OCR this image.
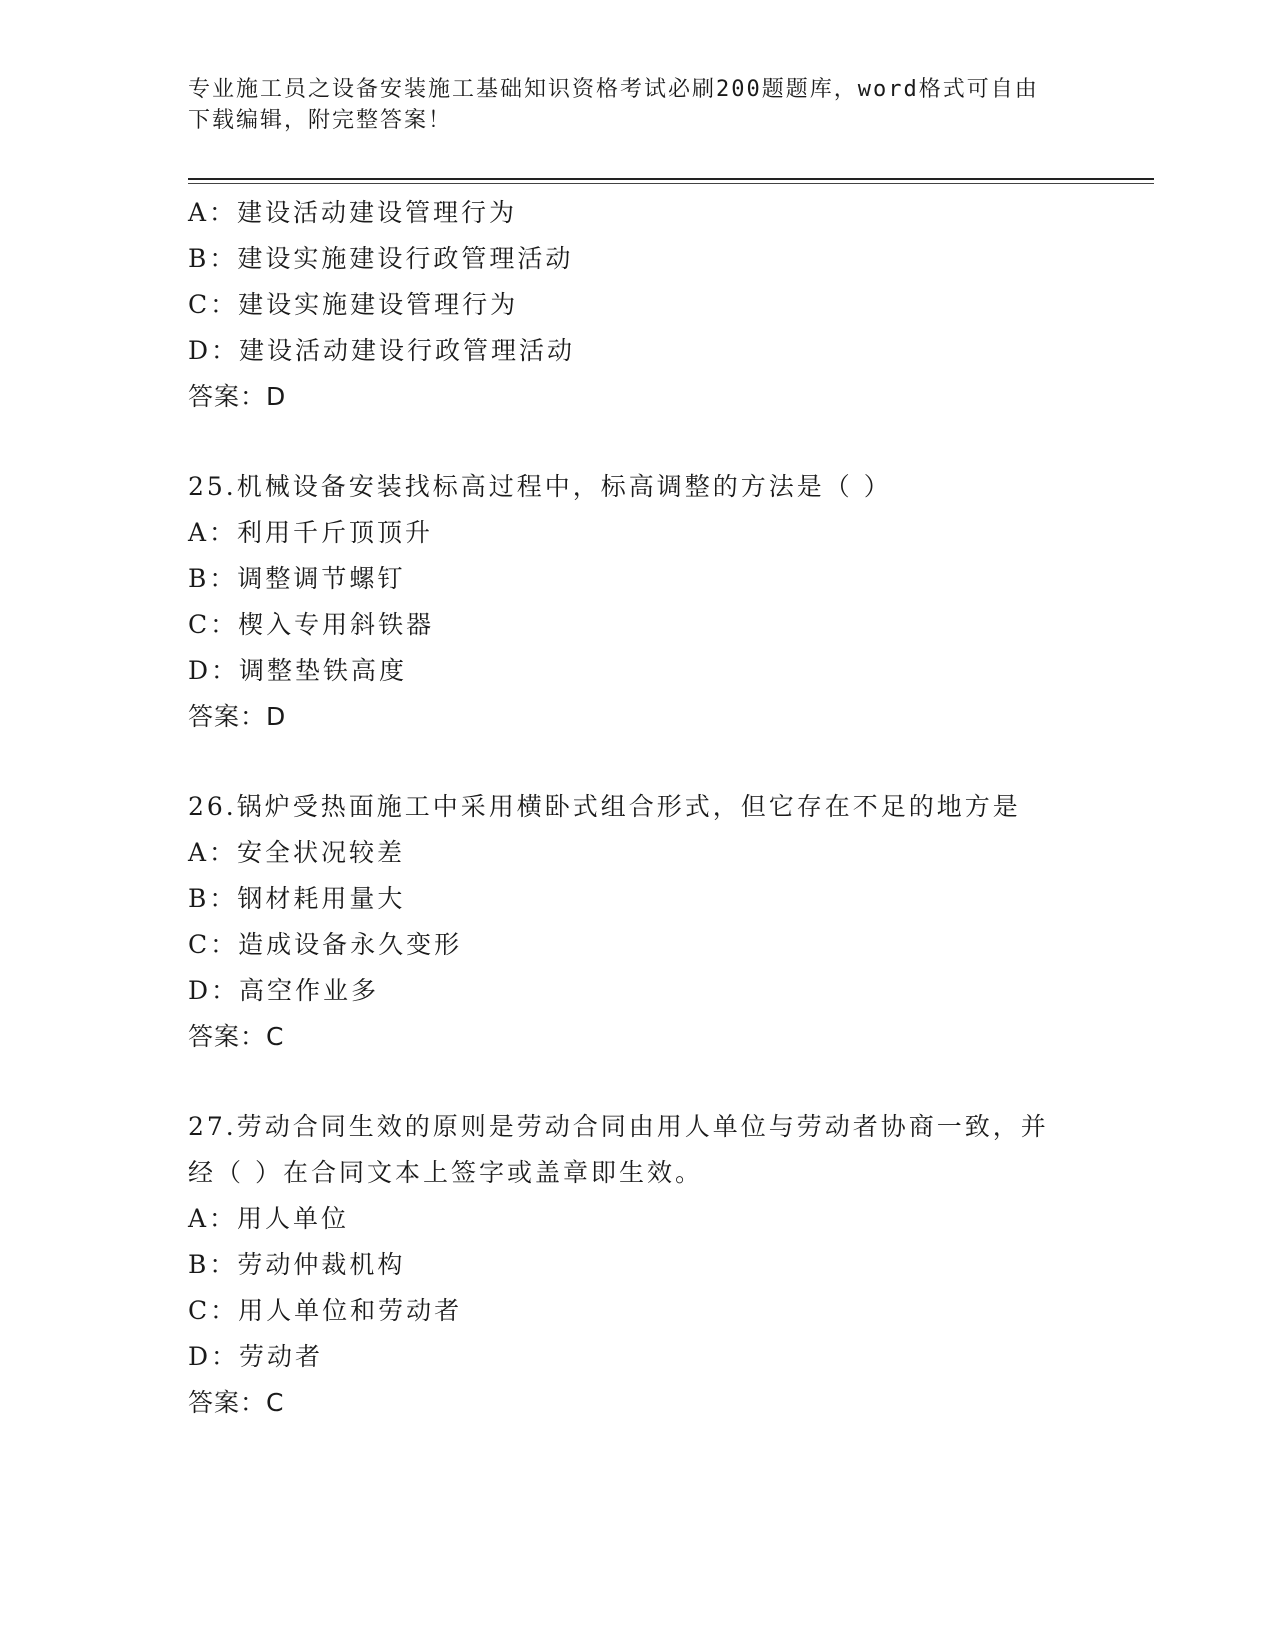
专业施工员之设备安装施工基础知识资格考试必刷200题题库，word格式可自由
下载编辑，附完整答案！
A：建设活动建设管理行为
B：建设实施建设行政管理活动
C：建设实施建设管理行为
D：建设活动建设行政管理活动
答案：D
25.机械设备安装找标高过程中，标高调整的方法是（ ）
A：利用千斤顶顶升
B：调整调节螺钉
C：楔入专用斜铁器
D：调整垫铁高度
答案：D
26.锅炉受热面施工中采用横卧式组合形式，但它存在不足的地方是
A：安全状况较差
B：钢材耗用量大
C：造成设备永久变形
D：高空作业多
答案：C
27.劳动合同生效的原则是劳动合同由用人单位与劳动者协商一致，并
经（ ）在合同文本上签字或盖章即生效。
A：用人单位
B：劳动仲裁机构
C：用人单位和劳动者
D：劳动者
答案：C
